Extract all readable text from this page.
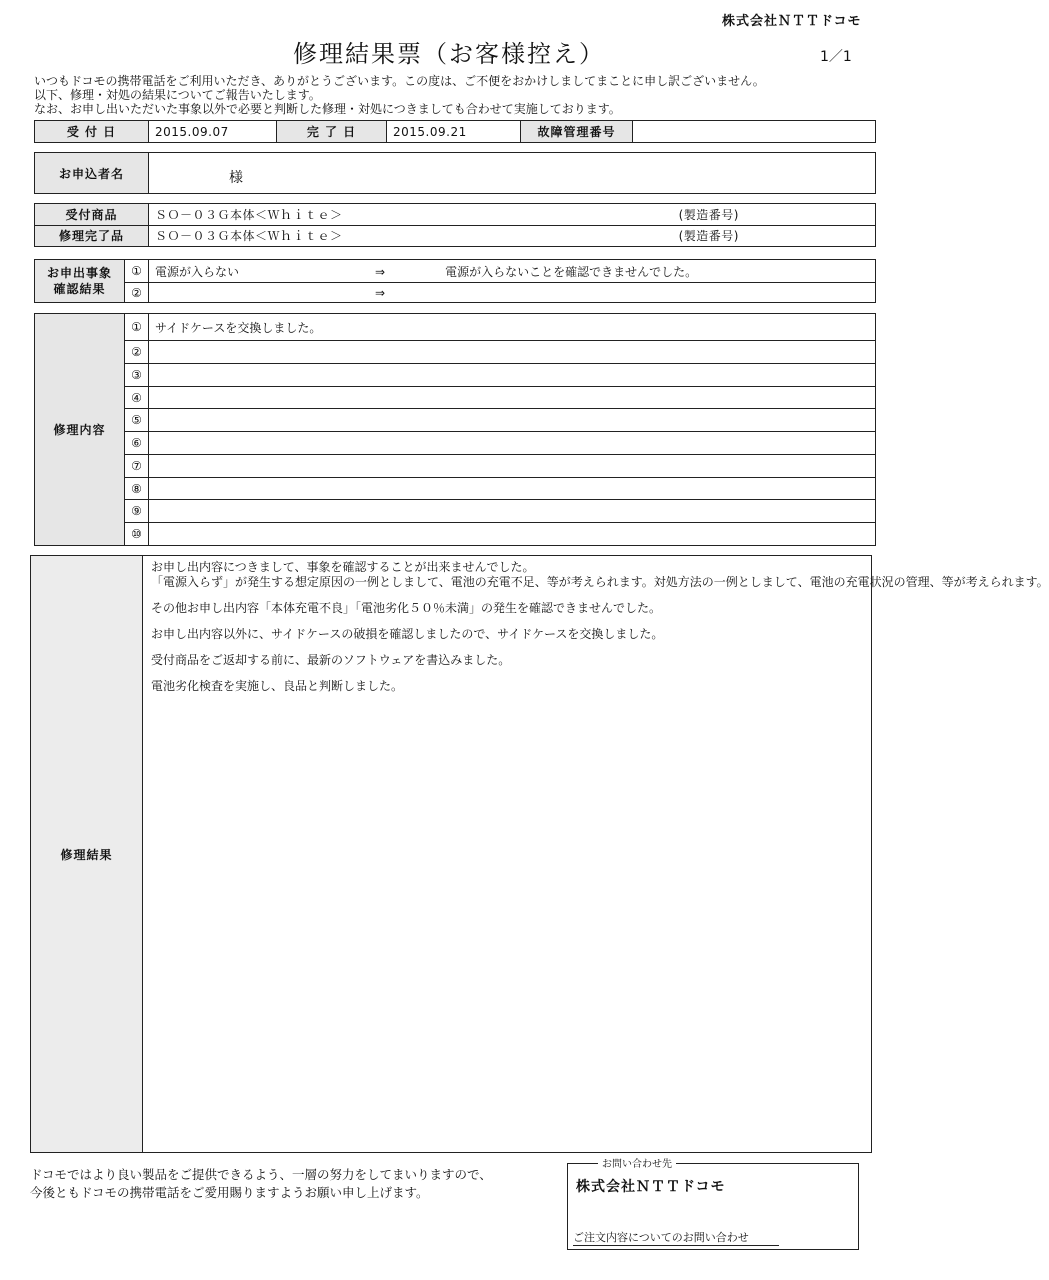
株式会社ＮＴＴドコモ
修理結果票（お客様控え）	1／1
いつもドコモの携帯電話をご利用いただき、ありがとうございます。この度は、ご不便をおかけしましてまことに申し訳ございません。
以下、修理・対処の結果についてご報告いたします。
なお、お申し出いただいた事象以外で必要と判断した修理・対処につきましても合わせて実施しております。
受 付 日	2015.09.07	完 了 日	2015.09.21	故障管理番号	
お申込者名	様
受付商品	ＳＯ－０３Ｇ本体＜Ｗｈｉｔｅ＞ (製造番号)

修理完了品	ＳＯ－０３Ｇ本体＜Ｗｈｉｔｅ＞ (製造番号)
お申出事象
確認結果	①	電源が入らない ⇒ 電源が入らないことを確認できませんでした。
	②	⇒
修理内容	①	サイドケースを交換しました。
	②	
	③	
	④	
	⑤	
	⑥	
	⑦	
	⑧	
	⑨	
	⑩	
修理結果	

お申し出内容につきまして、事象を確認することが出来ませんでした。
「電源入らず」が発生する想定原因の一例としまして、電池の充電不足、等が考えられます。対処方法の一例としまして、電池の充電状況の管理、等が考えられます。

その他お申し出内容「本体充電不良」「電池劣化５０％未満」の発生を確認できませんでした。

お申し出内容以外に、サイドケースの破損を確認しましたので、サイドケースを交換しました。

受付商品をご返却する前に、最新のソフトウェアを書込みました。

電池劣化検査を実施し、良品と判断しました。

ドコモではより良い製品をご提供できるよう、一層の努力をしてまいりますので、
今後ともドコモの携帯電話をご愛用賜りますようお願い申し上げます。
お問い合わせ先
株式会社ＮＴＴドコモ
ご注文内容についてのお問い合わせ
